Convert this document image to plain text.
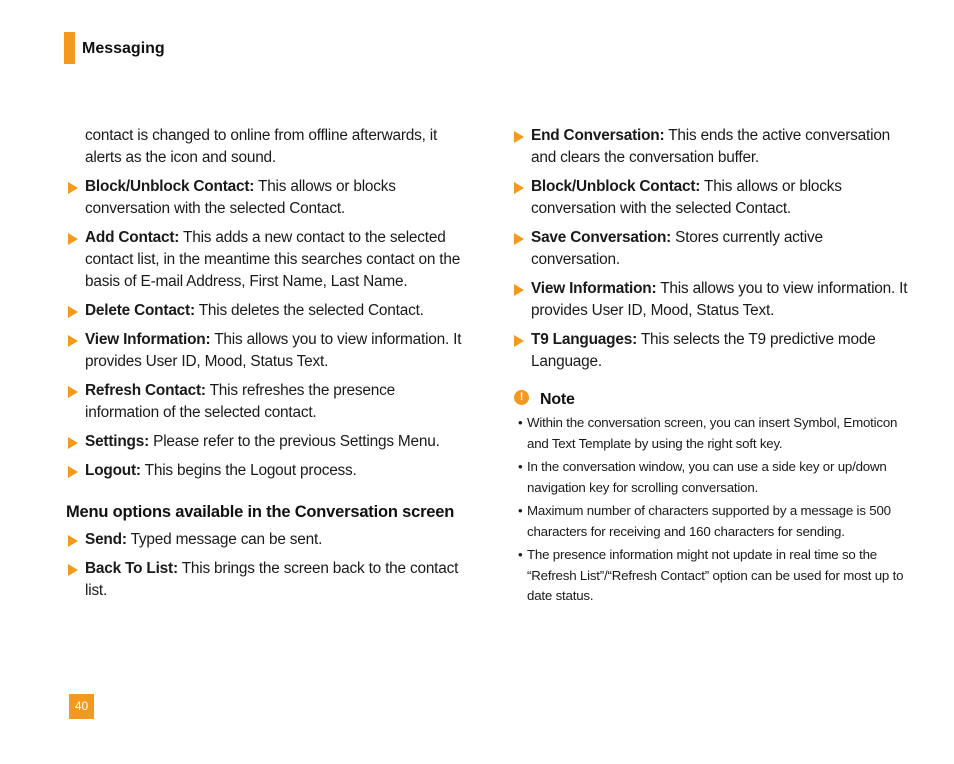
Messaging
contact is changed to online from offline afterwards, it alerts as the icon and sound.
Block/Unblock Contact: This allows or blocks conversation with the selected Contact.
Add Contact: This adds a new contact to the selected contact list, in the meantime this searches contact on the basis of E-mail Address, First Name, Last Name.
Delete Contact: This deletes the selected Contact.
View Information: This allows you to view information. It provides User ID, Mood, Status Text.
Refresh Contact: This refreshes the presence information of the selected contact.
Settings: Please refer to the previous Settings Menu.
Logout: This begins the Logout process.
Menu options available in the Conversation screen
Send: Typed message can be sent.
Back To List: This brings the screen back to the contact list.
End Conversation: This ends the active conversation and clears the conversation buffer.
Block/Unblock Contact: This allows or blocks conversation with the selected Contact.
Save Conversation: Stores currently active conversation.
View Information: This allows you to view information. It provides User ID, Mood, Status Text.
T9 Languages: This selects the T9 predictive mode Language.
!	Note
• Within the conversation screen, you can insert Symbol, Emoticon and Text Template by using the right soft key.
• In the conversation window, you can use a side key or up/down navigation key for scrolling conversation.
• Maximum number of characters supported by a message is 500 characters for receiving and 160 characters for sending.
• The presence information might not update in real time so the “Refresh List”/“Refresh Contact” option can be used for most up to date status.
40
